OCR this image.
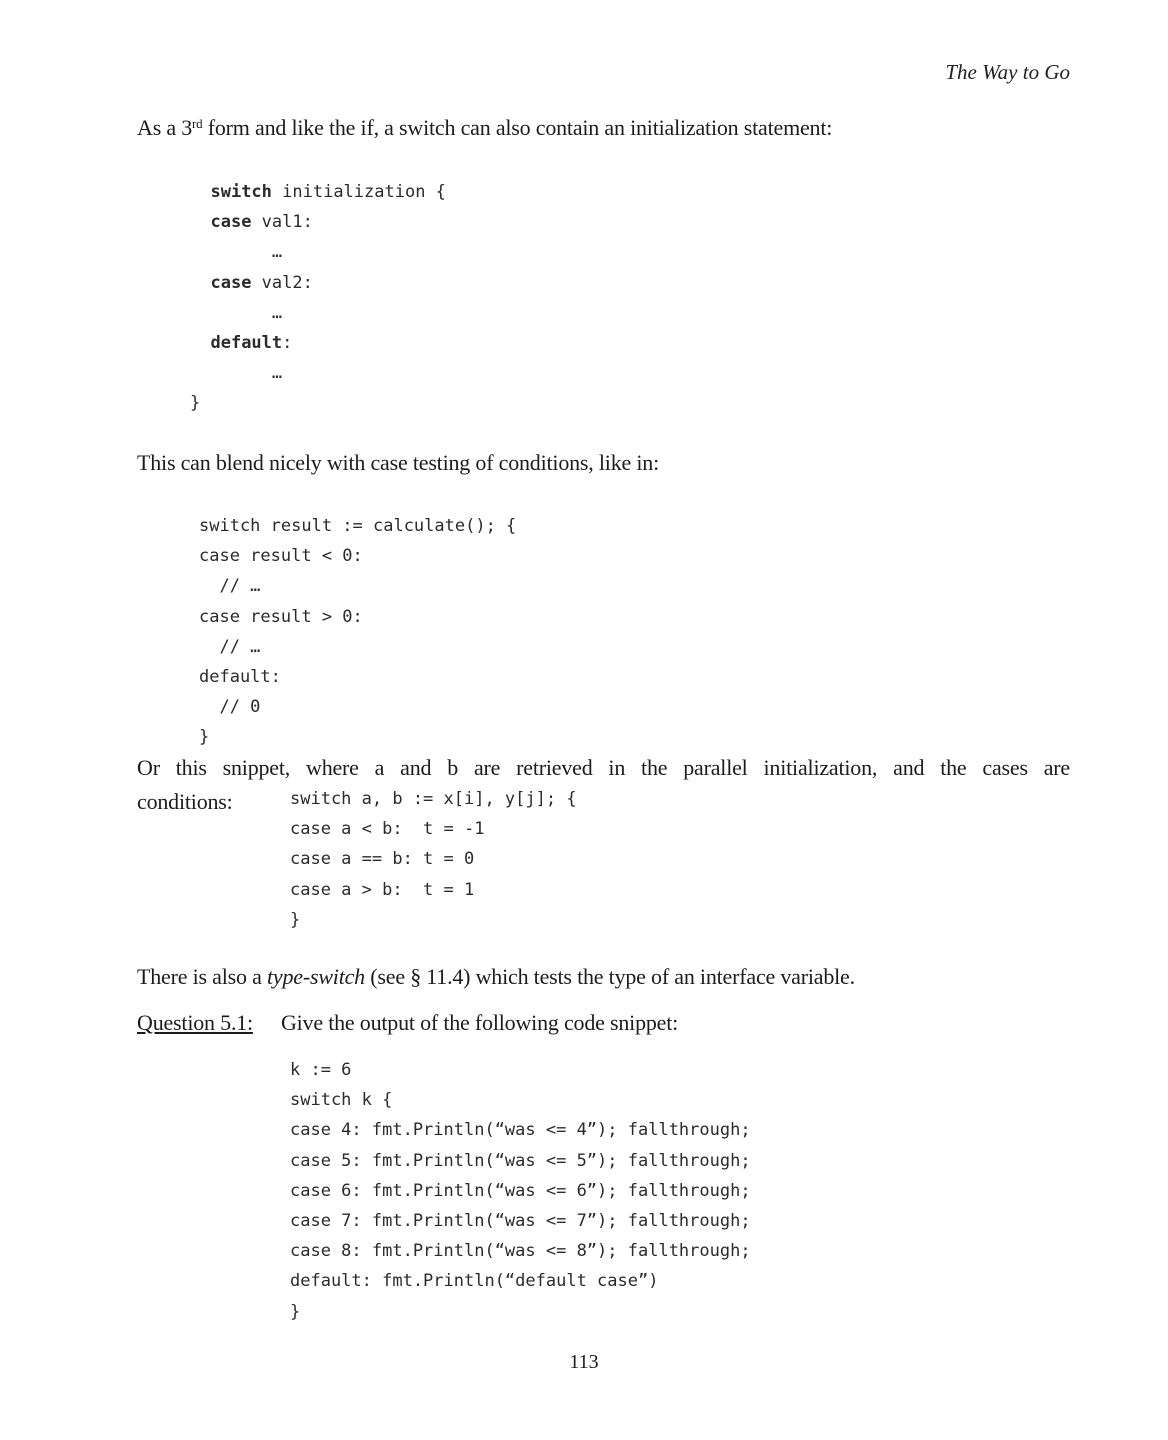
The Way to Go
As a 3rd form and like the if, a switch can also contain an initialization statement:
switch initialization {
case val1:
…
case val2:
…
default:
…
}
This can blend nicely with case testing of conditions, like in:
switch result := calculate(); {
case result < 0:
// …
case result > 0:
// …
default:
// 0
}
Or this snippet, where a and b are retrieved in the parallel initialization, and the cases are
conditions:	switch a, b := x[i], y[j]; {
case a < b:  t = -1
case a == b: t = 0
case a > b:  t = 1
}
There is also a type-switch (see § 11.4) which tests the type of an interface variable.
Question 5.1: Give the output of the following code snippet:
k := 6
switch k {
case 4: fmt.Println(“was <= 4”); fallthrough;
case 5: fmt.Println(“was <= 5”); fallthrough;
case 6: fmt.Println(“was <= 6”); fallthrough;
case 7: fmt.Println(“was <= 7”); fallthrough;
case 8: fmt.Println(“was <= 8”); fallthrough;
default: fmt.Println(“default case”)
}
113
